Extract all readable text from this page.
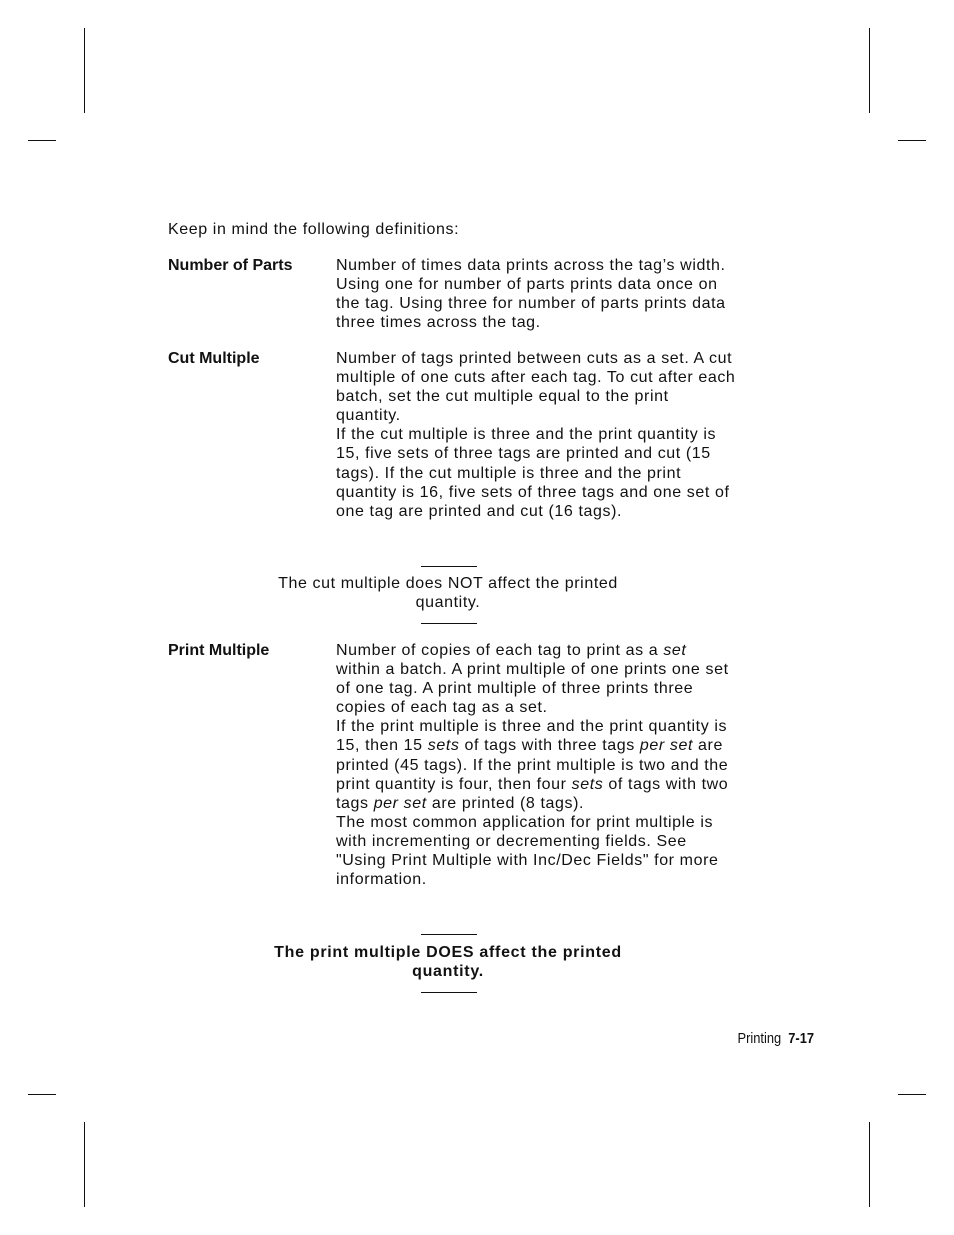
Keep in mind the following definitions:

Number of Parts	Number of times data prints across the tag’s width. Using one for number of parts prints data once on the tag. Using three for number of parts prints data three times across the tag.

Cut Multiple	Number of tags printed between cuts as a set. A cut multiple of one cuts after each tag. To cut after each batch, set the cut multiple equal to the print quantity.

If the cut multiple is three and the print quantity is 15, five sets of three tags are printed and cut (15 tags). If the cut multiple is three and the print quantity is 16, five sets of three tags and one set of one tag are printed and cut (16 tags).

The cut multiple does NOT affect the printed quantity.

Print Multiple	Number of copies of each tag to print as a set within a batch. A print multiple of one prints one set of one tag. A print multiple of three prints three copies of each tag as a set.

If the print multiple is three and the print quantity is 15, then 15 sets of tags with three tags per set are printed (45 tags). If the print multiple is two and the print quantity is four, then four sets of tags with two tags per set are printed (8 tags).

The most common application for print multiple is with incrementing or decrementing fields. See "Using Print Multiple with Inc/Dec Fields" for more information.

The print multiple DOES affect the printed quantity.

Printing 7-17
